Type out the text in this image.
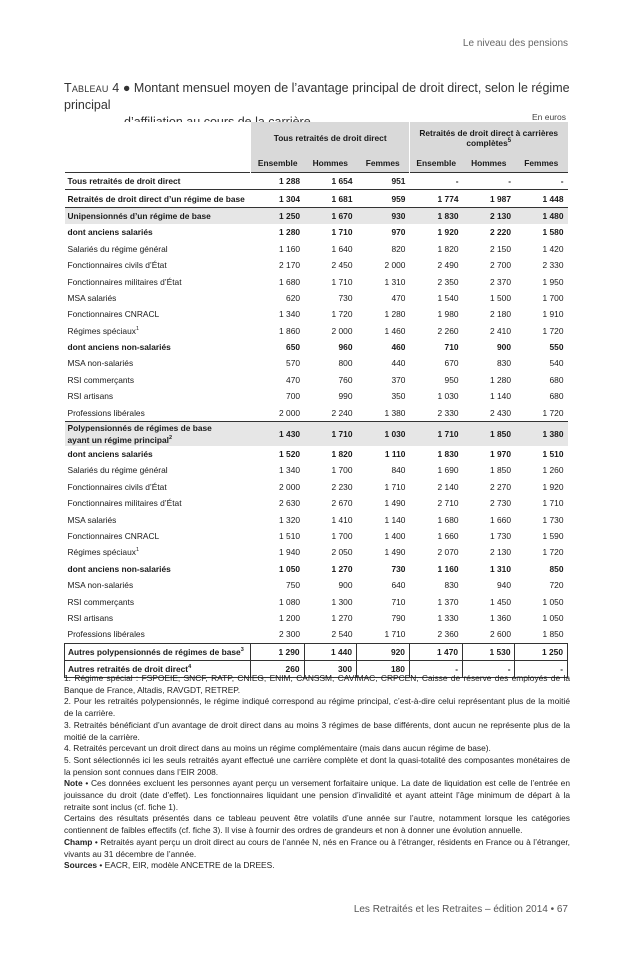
Le niveau des pensions
Tableau 4 ● Montant mensuel moyen de l’avantage principal de droit direct, selon le régime principal
En euros
	Tous retraités de droit direct			Retraités de droit direct à carrières complètes$^5$
	Ensemble	Hommes	Femmes	Ensemble	Hommes	Femmes
Tous retraités de droit direct	1 288	1 654	951	-	-	-
Retraités de droit direct d’un régime de base	1 304	1 681	959	1 774	1 987	1 448
Unipensionnés d’un régime de base	1 250	1 670	930	1 830	2 130	1 480
dont anciens salariés	1 280	1 710	970	1 920	2 220	1 580
Salariés du régime général	1 160	1 640	820	1 820	2 150	1 420
Fonctionnaires civils d’État	2 170	2 450	2 000	2 490	2 700	2 330
Fonctionnaires militaires d’État	1 680	1 710	1 310	2 350	2 370	1 950
MSA salariés	620	730	470	1 540	1 500	1 700
Fonctionnaires CNRACL	1 340	1 720	1 280	1 980	2 180	1 910
Régimes spéciaux$^1$	1 860	2 000	1 460	2 260	2 410	1 720
dont anciens non-salariés	650	960	460	710	900	550
MSA non-salariés	570	800	440	670	830	540
RSI commerçants	470	760	370	950	1 280	680
RSI artisans	700	990	350	1 030	1 140	680
Professions libérales	2 000	2 240	1 380	2 330	2 430	1 720
Polypensionnés de régimes de base
ayant un régime principal$^2$	1 430	1 710	1 030	1 710	1 850	1 380
dont anciens salariés	1 520	1 820	1 110	1 830	1 970	1 510
Salariés du régime général	1 340	1 700	840	1 690	1 850	1 260
Fonctionnaires civils d’État	2 000	2 230	1 710	2 140	2 270	1 920
Fonctionnaires militaires d’État	2 630	2 670	1 490	2 710	2 730	1 710
MSA salariés	1 320	1 410	1 140	1 680	1 660	1 730
Fonctionnaires CNRACL	1 510	1 700	1 400	1 660	1 730	1 590
Régimes spéciaux$^1$	1 940	2 050	1 490	2 070	2 130	1 720
dont anciens non-salariés	1 050	1 270	730	1 160	1 310	850
MSA non-salariés	750	900	640	830	940	720
RSI commerçants	1 080	1 300	710	1 370	1 450	1 050
RSI artisans	1 200	1 270	790	1 330	1 360	1 050
Professions libérales	2 300	2 540	1 710	2 360	2 600	1 850
Autres polypensionnés de régimes de base$^3$	1 290	1 440	920	1 470	1 530	1 250
Autres retraités de droit direct$^4$	260	300	180	-	-	-

1. Régime spécial : FSPOEIE, SNCF, RATP, CNIEG, ENIM, CANSSM, CAVIMAC, CRPCEN, Caisse de réserve des employés de la Banque de France, Altadis, RAVGDT, RETREP.

2. Pour les retraités polypensionnés, le régime indiqué correspond au régime principal, c’est-à-dire celui représentant plus de la moitié de la carrière.

3. Retraités bénéficiant d’un avantage de droit direct dans au moins 3 régimes de base différents, dont aucun ne représente plus de la moitié de la carrière.

4. Retraités percevant un droit direct dans au moins un régime complémentaire (mais dans aucun régime de base).

5. Sont sélectionnés ici les seuls retraités ayant effectué une carrière complète et dont la quasi-totalité des composantes monétaires de la pension sont connues dans l’EIR 2008.

Note • Ces données excluent les personnes ayant perçu un versement forfaitaire unique. La date de liquidation est celle de l’entrée en jouissance du droit (date d’effet). Les fonctionnaires liquidant une pension d’invalidité et ayant atteint l’âge minimum de départ à la retraite sont inclus (cf. fiche 1).

Certains des résultats présentés dans ce tableau peuvent être volatils d’une année sur l’autre, notamment lorsque les catégories contiennent de faibles effectifs (cf. fiche 3). Il vise à fournir des ordres de grandeurs et non à donner une évolution annuelle.

Champ • Retraités ayant perçu un droit direct au cours de l’année N, nés en France ou à l’étranger, résidents en France ou à l’étranger, vivants au 31 décembre de l’année.

Sources • EACR, EIR, modèle ANCETRE de la DREES.

Les Retraités et les Retraites – édition 2014 • 67
